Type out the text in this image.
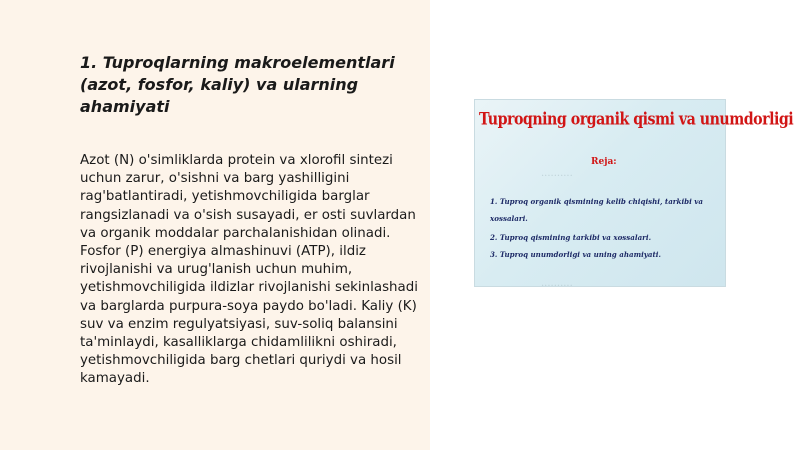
1. Tuproqlarning makroelementlari (azot, fosfor, kaliy) va ularning ahamiyati

Azot (N) o'simliklarda protein va xlorofil sintezi uchun zarur, o'sishni va barg yashilligini rag'batlantiradi, yetishmovchiligida barglar rangsizlanadi va o'sish susayadi, er osti suvlardan va organik moddalar parchalanishidan olinadi. Fosfor (P) energiya almashinuvi (ATP), ildiz rivojlanishi va urug'lanish uchun muhim, yetishmovchiligida ildizlar rivojlanishi sekinlashadi va barglarda purpura-soya paydo bo'ladi. Kaliy (K) suv va enzim regulyatsiyasi, suv-soliq balansini ta'minlaydi, kasalliklarga chidamlilikni oshiradi, yetishmovchiligida barg chetlari quriydi va hosil kamayadi.

Tuproqning organik qismi va unumdorligi
..........
Reja:
1. Tuproq organik qismining kelib chiqishi, tarkibi va
xossalari.
2. Tuproq qismining tarkibi va xossalari.
3. Tuproq unumdorligi va uning ahamiyati.
..........
